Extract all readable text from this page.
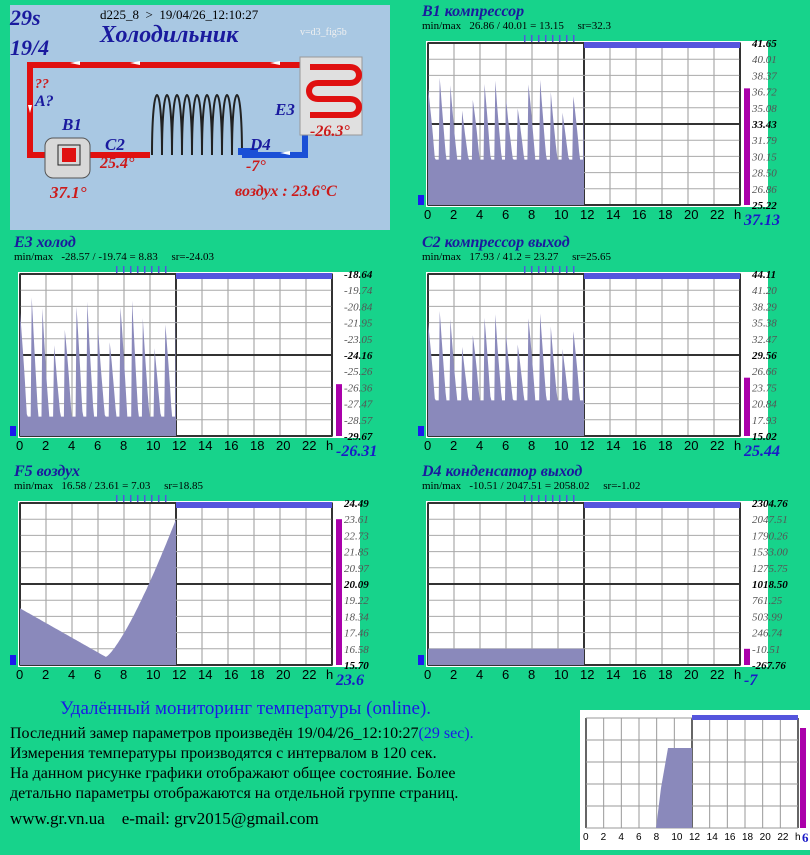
29s
19/4
d225_8  >  19/04/26_12:10:27
Холодильник	v=d3_fig5b
??
A?
B1
C2
25.4°
37.1°
D4
-7°
E3
-26.3°
воздух : 23.6°C
B1 компрессор
min/max   26.86 / 40.01 = 13.15     sr=32.3
41.65
40.01
38.37
36.72
35.08
33.43
31.79
30.15
28.50
26.86
25.22
0 2 4 6 8 10 12 14 16 18 20 22 h 37.13
E3 холод
min/max   -28.57 / -19.74 = 8.83     sr=-24.03
-18.64
-19.74
-20.84
-21.95
-23.05
-24.16
-25.26
-26.36
-27.47
-28.57
-29.67
0 2 4 6 8 10 12 14 16 18 20 22 h -26.31
C2 компрессор выход
min/max   17.93 / 41.2 = 23.27     sr=25.65
44.11
41.20
38.29
35.38
32.47
29.56
26.66
23.75
20.84
17.93
15.02
0 2 4 6 8 10 12 14 16 18 20 22 h 25.44
F5 воздух
min/max   16.58 / 23.61 = 7.03     sr=18.85
24.49
23.61
22.73
21.85
20.97
20.09
19.22
18.34
17.46
16.58
15.70
0 2 4 6 8 10 12 14 16 18 20 22 h 23.6
D4 конденсатор выход
min/max   -10.51 / 2047.51 = 2058.02     sr=-1.02
2304.76
2047.51
1790.26
1533.00
1275.75
1018.50
761.25
503.99
246.74
-10.51
-267.76
0 2 4 6 8 10 12 14 16 18 20 22 h -7
Удалённый мониторинг температуры (online).
Последний замер параметров произведён 19/04/26_12:10:27(29 sec).
Измерения температуры производятся с интервалом в 120 сек.
На данном рисунке графики отображают общее состояние. Более
детально параметры отображаются на отдельной группе страниц.
www.gr.vn.ua e-mail: grv2015@gmail.com
0 2 4 6 8 10 12 14 16 18 20 22 h 6
